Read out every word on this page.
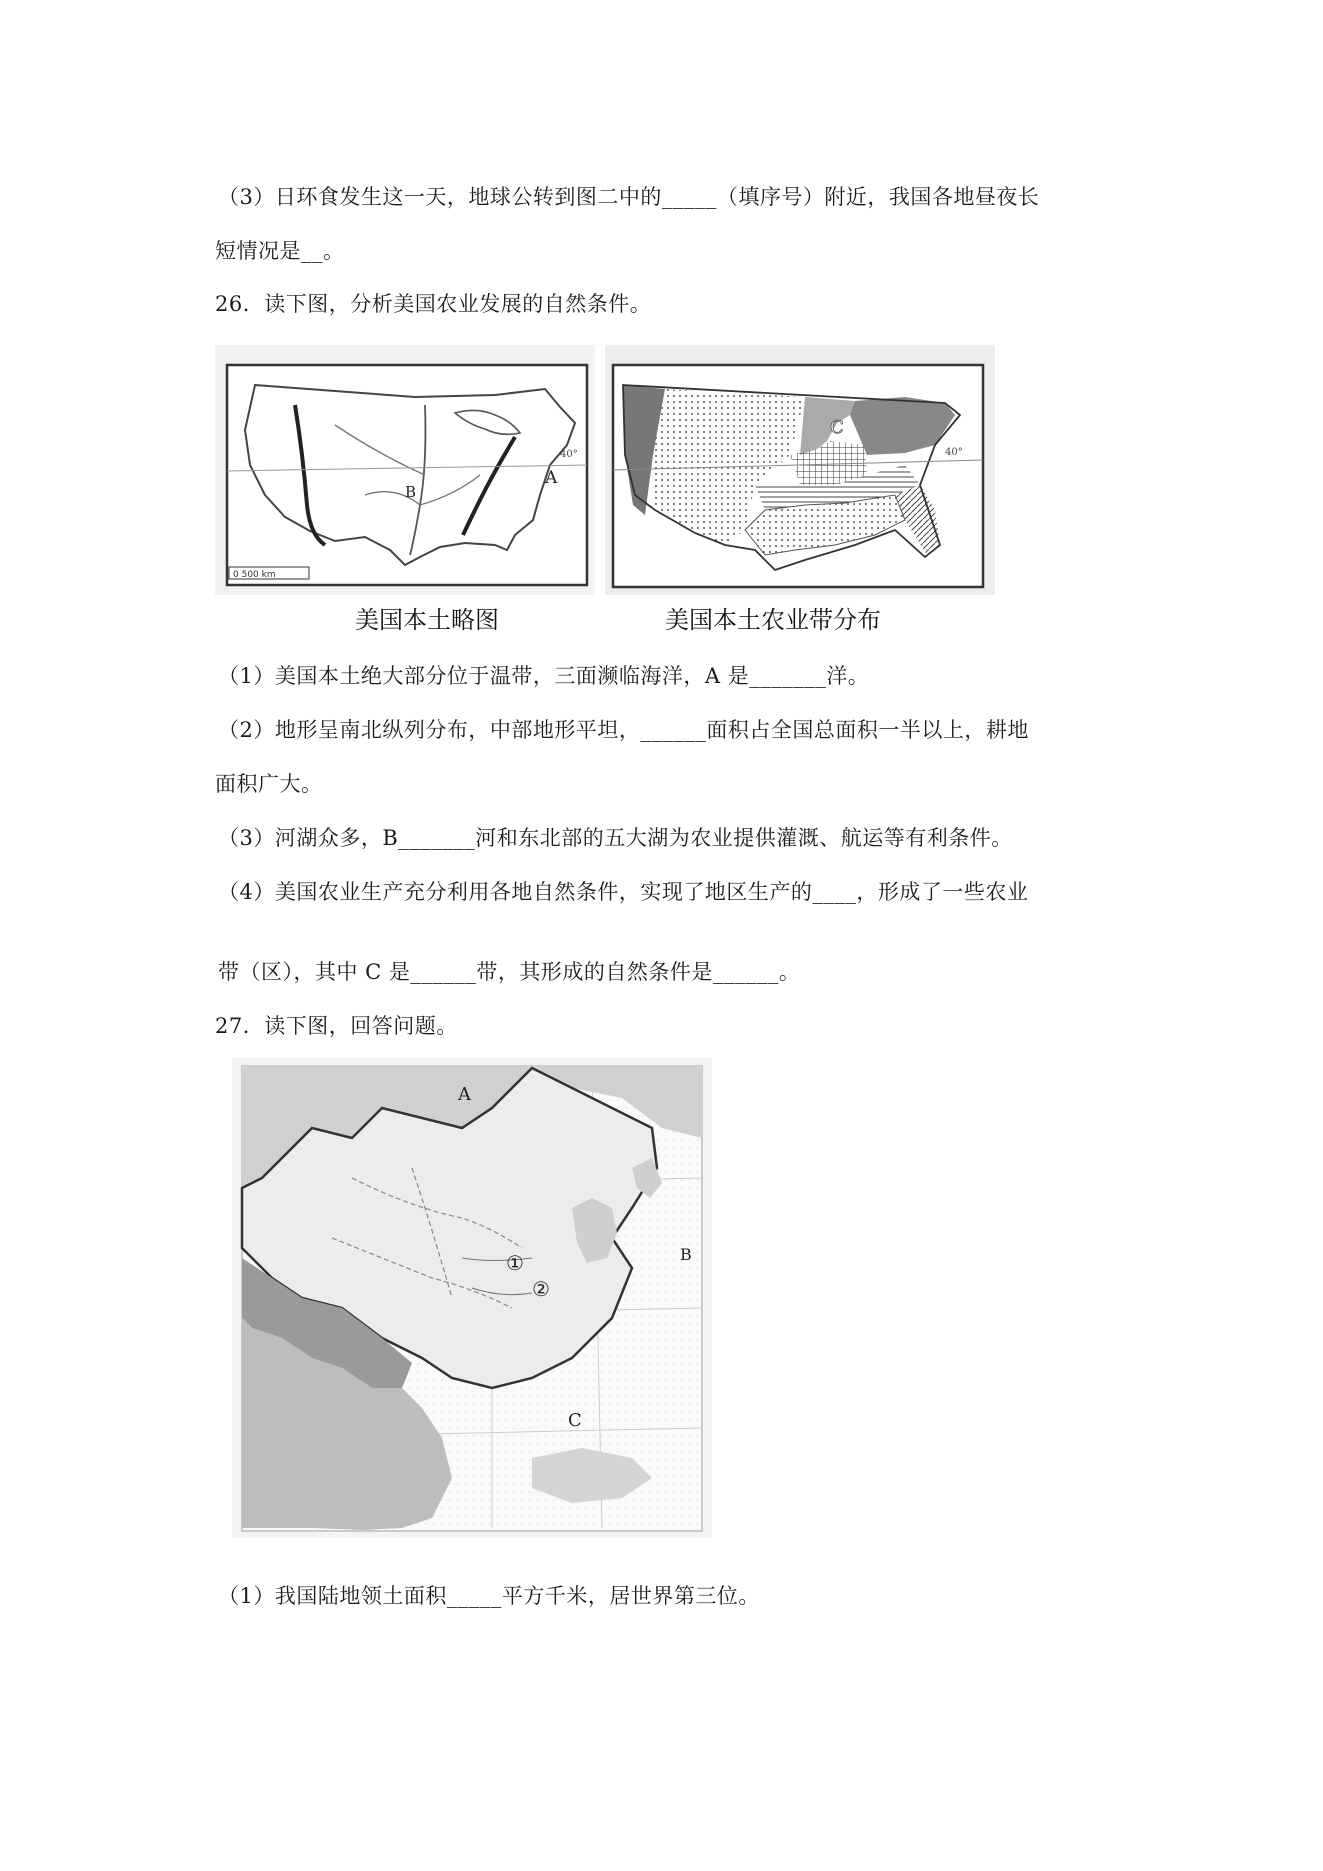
（3）日环食发生这一天，地球公转到图二中的_____（填序号）附近，我国各地昼夜长
短情况是__。
26．读下图，分析美国农业发展的自然条件。
40°
A
B
0 500 km
40°
C
美国本土略图	美国本土农业带分布
（1）美国本土绝大部分位于温带，三面濒临海洋，A 是_______洋。
（2）地形呈南北纵列分布，中部地形平坦，______面积占全国总面积一半以上，耕地
面积广大。
（3）河湖众多，B_______河和东北部的五大湖为农业提供灌溉、航运等有利条件。
（4）美国农业生产充分利用各地自然条件，实现了地区生产的____，形成了一些农业
带（区），其中 C 是______带，其形成的自然条件是______。
27．读下图，回答问题。
A
B
C
①
②
（1）我国陆地领土面积_____平方千米，居世界第三位。
